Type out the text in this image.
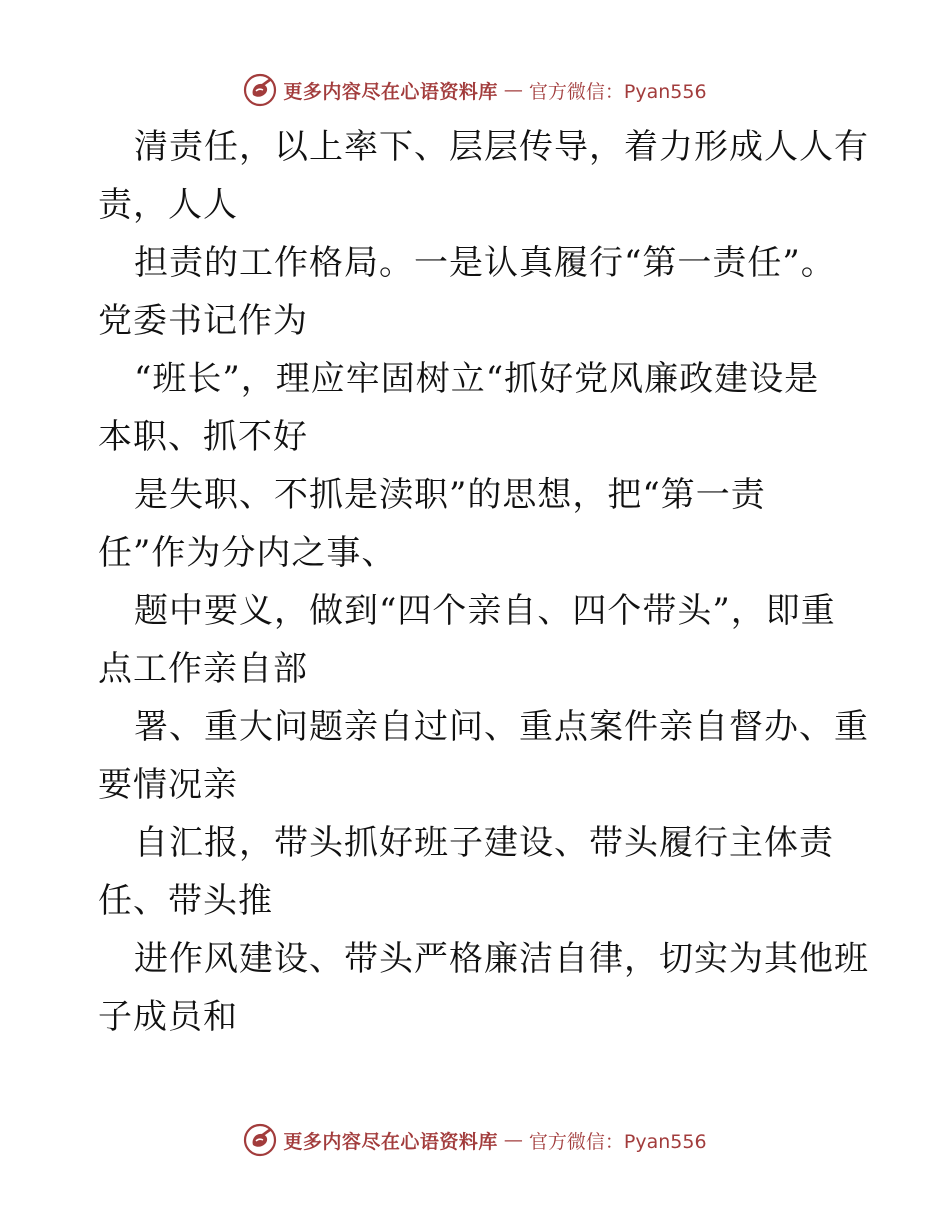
更多内容尽在心语资料库 — 官方微信：Pyan556

清责任，以上率下、层层传导，着力形成人人有

责，人人

担责的工作格局。一是认真履行“第一责任”。

党委书记作为

“班长”，理应牢固树立“抓好党风廉政建设是

本职、抓不好

是失职、不抓是渎职”的思想，把“第一责

任”作为分内之事、

题中要义，做到“四个亲自、四个带头”，即重

点工作亲自部

署、重大问题亲自过问、重点案件亲自督办、重

要情况亲

自汇报，带头抓好班子建设、带头履行主体责

任、带头推

进作风建设、带头严格廉洁自律，切实为其他班

子成员和

更多内容尽在心语资料库 — 官方微信：Pyan556
